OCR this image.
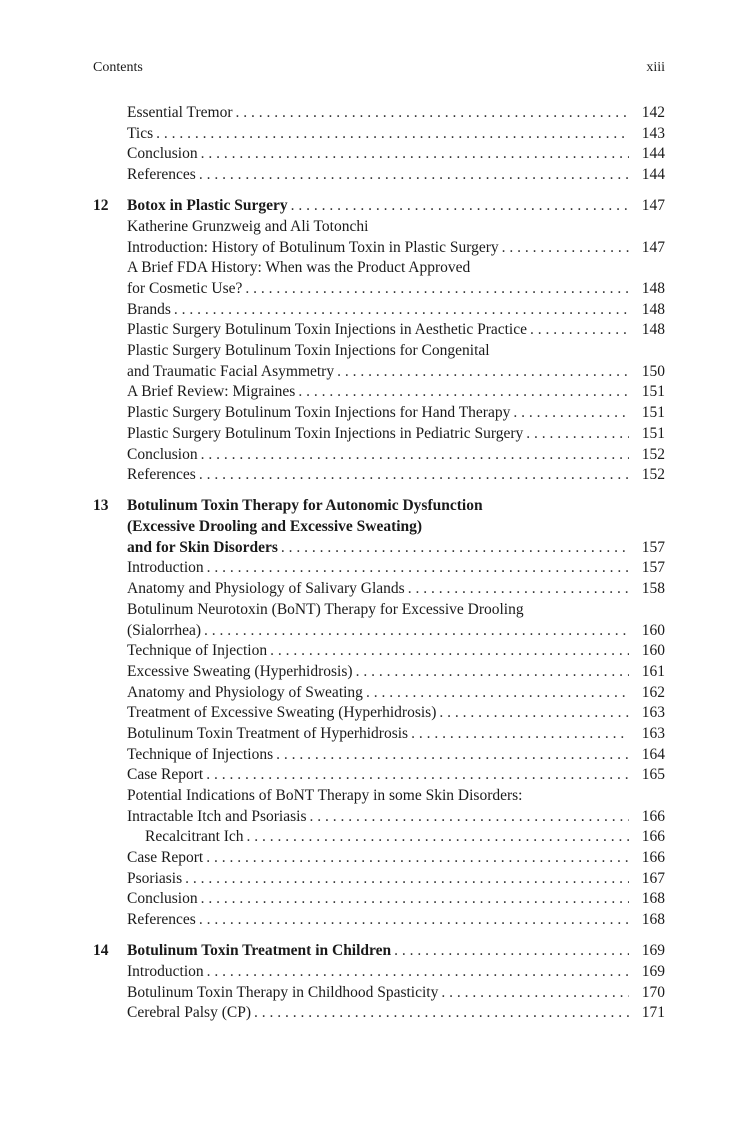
Contents	xiii
Essential Tremor . . .	142
Tics . . .	143
Conclusion . . .	144
References . . .	144
12	Botox in Plastic Surgery . . .	147
Katherine Grunzweig and Ali Totonchi
Introduction: History of Botulinum Toxin in Plastic Surgery . . .	147
A Brief FDA History: When was the Product Approved
for Cosmetic Use? . . .	148
Brands . . .	148
Plastic Surgery Botulinum Toxin Injections in Aesthetic Practice . . .	148
Plastic Surgery Botulinum Toxin Injections for Congenital
and Traumatic Facial Asymmetry . . .	150
A Brief Review: Migraines . . .	151
Plastic Surgery Botulinum Toxin Injections for Hand Therapy . . .	151
Plastic Surgery Botulinum Toxin Injections in Pediatric Surgery . . .	151
Conclusion . . .	152
References . . .	152
13	Botulinum Toxin Therapy for Autonomic Dysfunction
(Excessive Drooling and Excessive Sweating)
and for Skin Disorders . . .	157
Introduction . . .	157
Anatomy and Physiology of Salivary Glands . . .	158
Botulinum Neurotoxin (BoNT) Therapy for Excessive Drooling
(Sialorrhea) . . .	160
Technique of Injection . . .	160
Excessive Sweating (Hyperhidrosis) . . .	161
Anatomy and Physiology of Sweating . . .	162
Treatment of Excessive Sweating (Hyperhidrosis) . . .	163
Botulinum Toxin Treatment of Hyperhidrosis . . .	163
Technique of Injections . . .	164
Case Report . . .	165
Potential Indications of BoNT Therapy in some Skin Disorders:
Intractable Itch and Psoriasis . . .	166
Recalcitrant Ich . . .	166
Case Report . . .	166
Psoriasis . . .	167
Conclusion . . .	168
References . . .	168
14	Botulinum Toxin Treatment in Children . . .	169
Introduction . . .	169
Botulinum Toxin Therapy in Childhood Spasticity . . .	170
Cerebral Palsy (CP) . . .	171
